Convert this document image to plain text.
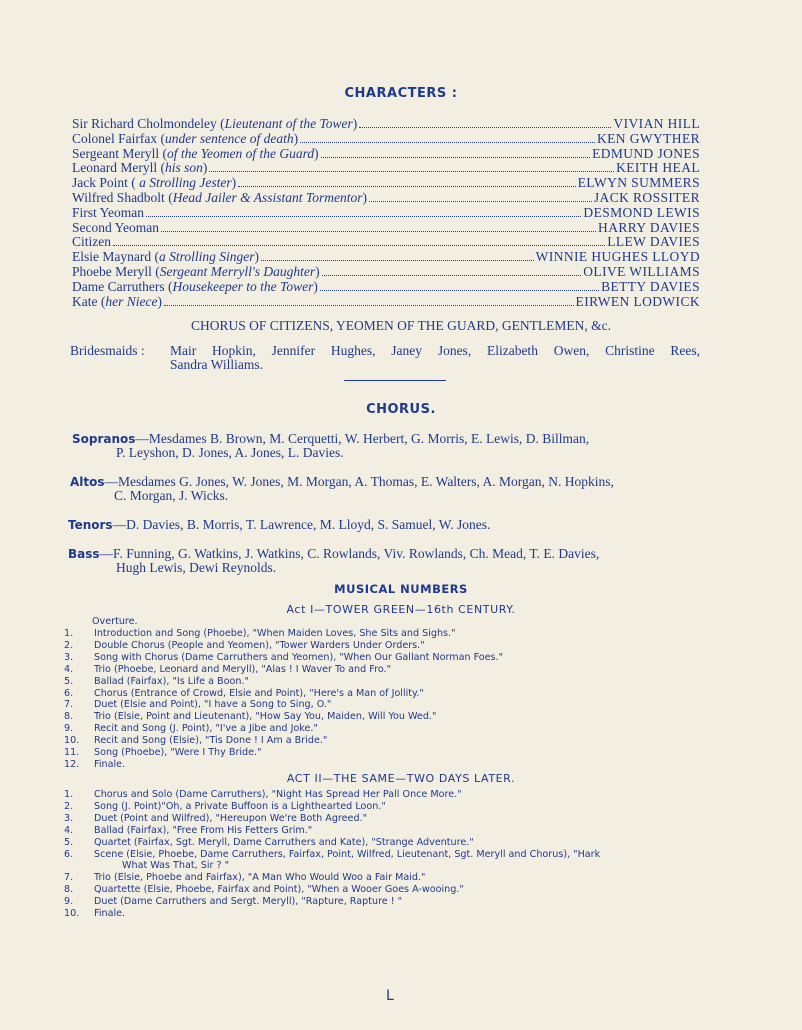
CHARACTERS :
Sir Richard Cholmondeley (Lieutenant of the Tower)	VIVIAN HILL
Colonel Fairfax (under sentence of death)	KEN GWYTHER
Sergeant Meryll (of the Yeomen of the Guard)	EDMUND JONES
Leonard Meryll (his son)	KEITH HEAL
Jack Point ( a Strolling Jester)	ELWYN SUMMERS
Wilfred Shadbolt (Head Jailer & Assistant Tormentor)	JACK ROSSITER
First Yeoman	DESMOND LEWIS
Second Yeoman	HARRY DAVIES
Citizen	LLEW DAVIES
Elsie Maynard (a Strolling Singer)	WINNIE HUGHES LLOYD
Phoebe Meryll (Sergeant Merryll's Daughter)	OLIVE WILLIAMS
Dame Carruthers (Housekeeper to the Tower)	BETTY DAVIES
Kate (her Niece)	EIRWEN LODWICK
CHORUS OF CITIZENS, YEOMEN OF THE GUARD, GENTLEMEN, &c.
Bridesmaids : Mair Hopkin, Jennifer Hughes, Janey Jones, Elizabeth Owen, Christine Rees,
Sandra Williams.
CHORUS.
Sopranos—Mesdames B. Brown, M. Cerquetti, W. Herbert, G. Morris, E. Lewis, D. Billman,
P. Leyshon, D. Jones, A. Jones, L. Davies.
Altos—Mesdames G. Jones, W. Jones, M. Morgan, A. Thomas, E. Walters, A. Morgan, N. Hopkins,
C. Morgan, J. Wicks.
Tenors—D. Davies, B. Morris, T. Lawrence, M. Lloyd, S. Samuel, W. Jones.
Bass—F. Funning, G. Watkins, J. Watkins, C. Rowlands, Viv. Rowlands, Ch. Mead, T. E. Davies,
Hugh Lewis, Dewi Reynolds.
MUSICAL NUMBERS
Act I—TOWER GREEN—16th CENTURY.
Overture.
1. Introduction and Song (Phoebe), "When Maiden Loves, She Sits and Sighs."
2. Double Chorus (People and Yeomen), "Tower Warders Under Orders."
3. Song with Chorus (Dame Carruthers and Yeomen), "When Our Gallant Norman Foes."
4. Trio (Phoebe, Leonard and Meryll), "Alas ! I Waver To and Fro."
5. Ballad (Fairfax), "Is Life a Boon."
6. Chorus (Entrance of Crowd, Elsie and Point), "Here's a Man of Jollity."
7. Duet (Elsie and Point), "I have a Song to Sing, O."
8. Trio (Elsie, Point and Lieutenant), "How Say You, Maiden, Will You Wed."
9. Recit and Song (J. Point), "I've a Jibe and Joke."
10. Recit and Song (Elsie), "Tis Done ! I Am a Bride."
11. Song (Phoebe), "Were I Thy Bride."
12. Finale.
ACT II—THE SAME—TWO DAYS LATER.
1. Chorus and Solo (Dame Carruthers), "Night Has Spread Her Pall Once More."
2. Song (J. Point)"Oh, a Private Buffoon is a Lighthearted Loon."
3. Duet (Point and Wilfred), "Hereupon We're Both Agreed."
4. Ballad (Fairfax), "Free From His Fetters Grim."
5. Quartet (Fairfax, Sgt. Meryll, Dame Carruthers and Kate), "Strange Adventure."
6. Scene (Elsie, Phoebe, Dame Carruthers, Fairfax, Point, Wilfred, Lieutenant, Sgt. Meryll and Chorus), "Hark
What Was That, Sir ? "
7. Trio (Elsie, Phoebe and Fairfax), "A Man Who Would Woo a Fair Maid."
8. Quartette (Elsie, Phoebe, Fairfax and Point), "When a Wooer Goes A-wooing."
9. Duet (Dame Carruthers and Sergt. Meryll), "Rapture, Rapture ! "
10. Finale.
ᒪ
